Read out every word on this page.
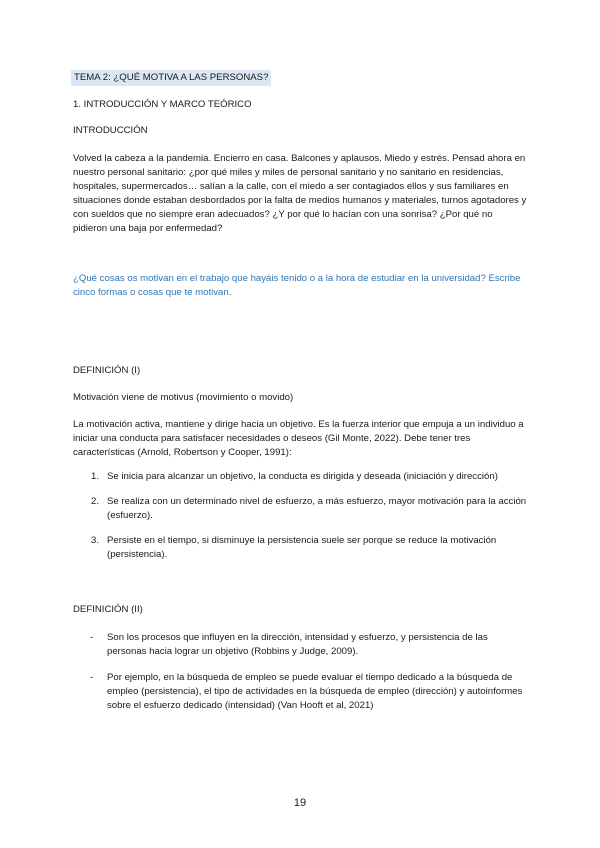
TEMA 2: ¿QUÉ MOTIVA A LAS PERSONAS?
1. INTRODUCCIÓN Y MARCO TEÓRICO
INTRODUCCIÓN
Volved la cabeza a la pandemia. Encierro en casa. Balcones y aplausos. Miedo y estrés. Pensad ahora en nuestro personal sanitario: ¿por qué miles y miles de personal sanitario y no sanitario en residencias, hospitales, supermercados… salían a la calle, con el miedo a ser contagiados ellos y sus familiares en situaciones donde estaban desbordados por la falta de medios humanos y materiales, turnos agotadores y con sueldos que no siempre eran adecuados? ¿Y por qué lo hacían con una sonrisa? ¿Por qué no pidieron una baja por enfermedad?
¿Qué cosas os motivan en el trabajo que hayáis tenido o a la hora de estudiar en la universidad? Escribe cinco formas o cosas que te motivan.
DEFINICIÓN (I)
Motivación viene de motivus (movimiento o movido)
La motivación activa, mantiene y dirige hacia un objetivo. Es la fuerza interior que empuja a un individuo a iniciar una conducta para satisfacer necesidades o deseos (Gil Monte, 2022). Debe tener tres características (Arnold, Robertson y Cooper, 1991):
1. Se inicia para alcanzar un objetivo, la conducta es dirigida y deseada (iniciación y dirección)
2. Se realiza con un determinado nivel de esfuerzo, a más esfuerzo, mayor motivación para la acción (esfuerzo).
3. Persiste en el tiempo, si disminuye la persistencia suele ser porque se reduce la motivación (persistencia).
DEFINICIÓN (II)
- Son los procesos que influyen en la dirección, intensidad y esfuerzo, y persistencia de las personas hacia lograr un objetivo (Robbins y Judge, 2009).
- Por ejemplo, en la búsqueda de empleo se puede evaluar el tiempo dedicado a la búsqueda de empleo (persistencia), el tipo de actividades en la búsqueda de empleo (dirección) y autoinformes sobre el esfuerzo dedicado (intensidad) (Van Hooft et al, 2021)
19
